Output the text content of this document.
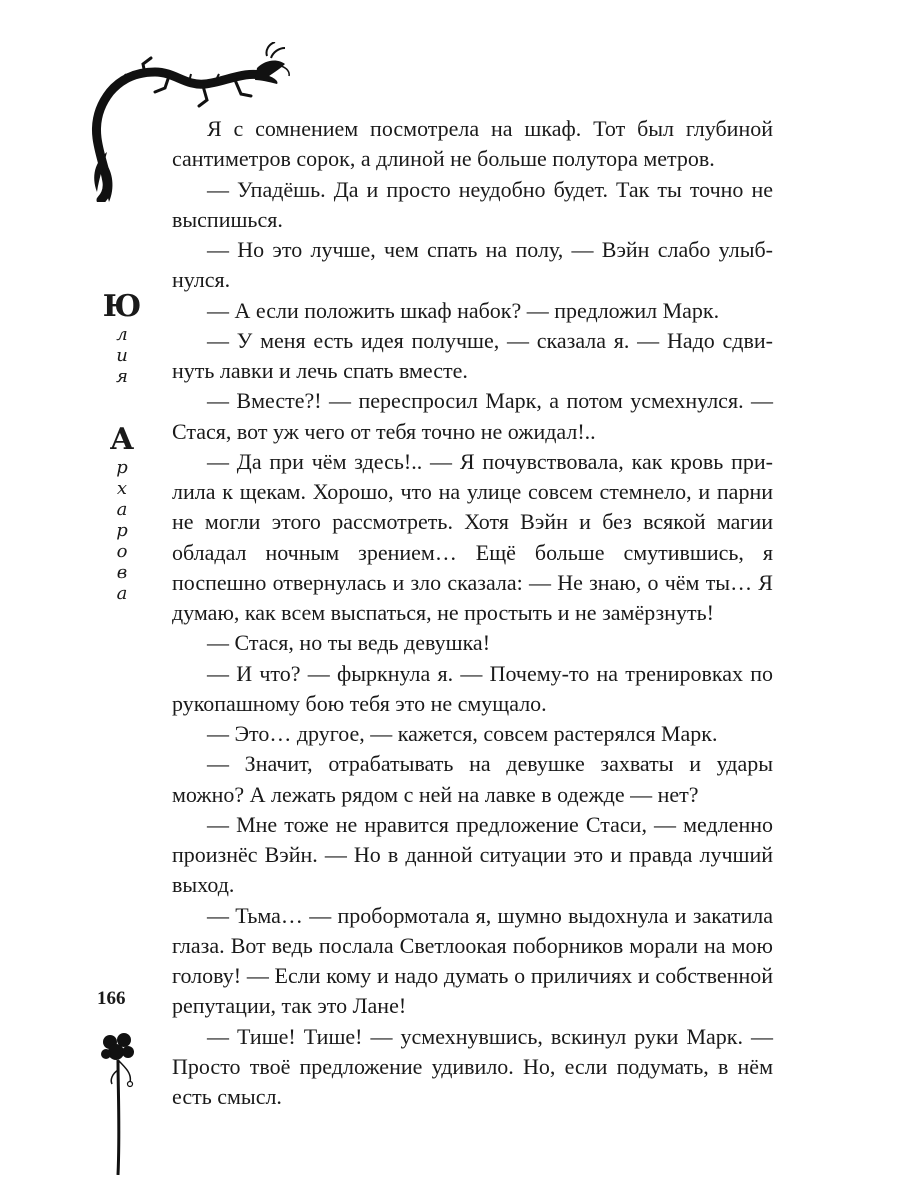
Ю
л
и
я
А
р
х
а
р
о
в
а
166

Я с сомнением посмотрела на шкаф. Тот был глубиной сантиметров сорок, а длиной не больше полутора метров.

— Упадёшь. Да и просто неудобно будет. Так ты точно не выспишься.

— Но это лучше, чем спать на полу, — Вэйн слабо улыбнулся.

— А если положить шкаф набок? — предложил Марк.

— У меня есть идея получше, — сказала я. — Надо сдвинуть лавки и лечь спать вместе.

— Вместе?! — переспросил Марк, а потом усмехнулся. — Стася, вот уж чего от тебя точно не ожидал!..

— Да при чём здесь!.. — Я почувствовала, как кровь прилила к щекам. Хорошо, что на улице совсем стемнело, и парни не могли этого рассмотреть. Хотя Вэйн и без всякой магии обладал ночным зрением… Ещё больше смутившись, я поспешно отвернулась и зло сказала: — Не знаю, о чём ты… Я думаю, как всем выспаться, не простыть и не замёрзнуть!

— Стася, но ты ведь девушка!

— И что? — фыркнула я. — Почему-то на тренировках по рукопашному бою тебя это не смущало.

— Это… другое, — кажется, совсем растерялся Марк.

— Значит, отрабатывать на девушке захваты и удары можно? А лежать рядом с ней на лавке в одежде — нет?

— Мне тоже не нравится предложение Стаси, — медленно произнёс Вэйн. — Но в данной ситуации это и правда лучший выход.

— Тьма… — пробормотала я, шумно выдохнула и закатила глаза. Вот ведь послала Светлоокая поборников морали на мою голову! — Если кому и надо думать о приличиях и собственной репутации, так это Лане!

— Тише! Тише! — усмехнувшись, вскинул руки Марк. — Просто твоё предложение удивило. Но, если подумать, в нём есть смысл.
